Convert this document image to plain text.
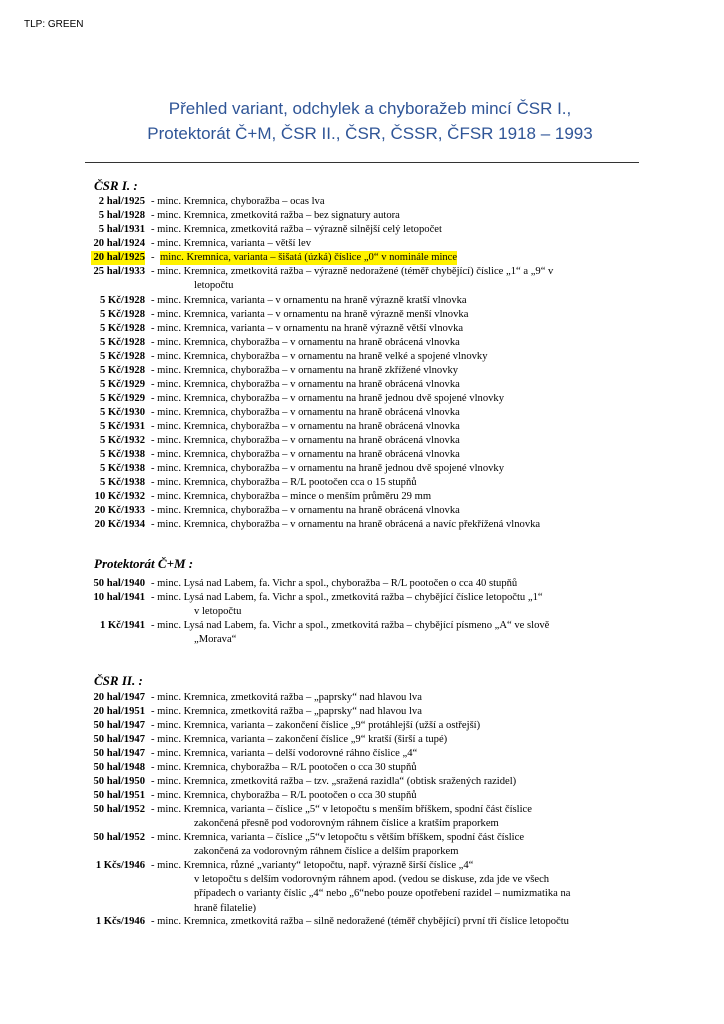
TLP: GREEN
Přehled variant, odchylek a chyboražeb mincí ČSR I.,
Protektorát Č+M, ČSR II., ČSR, ČSSR, ČFSR 1918 – 1993
ČSR I. :
Protektorát Č+M :
ČSR II. :
2 hal/1925 - minc. Kremnica, chyboražba – ocas lva
5 hal/1928 - minc. Kremnica, zmetkovitá ražba – bez signatury autora
5 hal/1931 - minc. Kremnica, zmetkovitá ražba – výrazně silnější celý letopočet
20 hal/1924 - minc. Kremnica, varianta – větší lev
20 hal/1925 - minc. Kremnica, varianta – šišatá (úzká) číslice „0“ v nominále mince
25 hal/1933 - minc. Kremnica, zmetkovitá ražba – výrazně nedoražené (téměř chybějící) číslice „1“ a „9“ v
letopočtu
5 Kč/1928 - minc. Kremnica, varianta – v ornamentu na hraně výrazně kratší vlnovka
5 Kč/1928 - minc. Kremnica, varianta – v ornamentu na hraně výrazně menší vlnovka
5 Kč/1928 - minc. Kremnica, varianta – v ornamentu na hraně výrazně větší vlnovka
5 Kč/1928 - minc. Kremnica, chyboražba – v ornamentu na hraně obrácená vlnovka
5 Kč/1928 - minc. Kremnica, chyboražba – v ornamentu na hraně velké a spojené vlnovky
5 Kč/1928 - minc. Kremnica, chyboražba – v ornamentu na hraně zkřížené vlnovky
5 Kč/1929 - minc. Kremnica, chyboražba – v ornamentu na hraně obrácená vlnovka
5 Kč/1929 - minc. Kremnica, chyboražba – v ornamentu na hraně jednou dvě spojené vlnovky
5 Kč/1930 - minc. Kremnica, chyboražba – v ornamentu na hraně obrácená vlnovka
5 Kč/1931 - minc. Kremnica, chyboražba – v ornamentu na hraně obrácená vlnovka
5 Kč/1932 - minc. Kremnica, chyboražba – v ornamentu na hraně obrácená vlnovka
5 Kč/1938 - minc. Kremnica, chyboražba – v ornamentu na hraně obrácená vlnovka
5 Kč/1938 - minc. Kremnica, chyboražba – v ornamentu na hraně jednou dvě spojené vlnovky
5 Kč/1938 - minc. Kremnica, chyboražba – R/L pootočen cca o 15 stupňů
10 Kč/1932 - minc. Kremnica, chyboražba – mince o menším průměru 29 mm
20 Kč/1933 - minc. Kremnica, chyboražba – v ornamentu na hraně obrácená vlnovka
20 Kč/1934 - minc. Kremnica, chyboražba – v ornamentu na hraně obrácená a navíc překřížená vlnovka
50 hal/1940 - minc. Lysá nad Labem, fa. Vichr a spol., chyboražba – R/L pootočen o cca 40 stupňů
10 hal/1941 - minc. Lysá nad Labem, fa. Vichr a spol., zmetkovitá ražba – chybějící číslice letopočtu „1“
v letopočtu
1 Kč/1941 - minc. Lysá nad Labem, fa. Vichr a spol., zmetkovitá ražba – chybějící písmeno „A“ ve slově
„Morava“
20 hal/1947 - minc. Kremnica, zmetkovitá ražba – „paprsky“ nad hlavou lva
20 hal/1951 - minc. Kremnica, zmetkovitá ražba – „paprsky“ nad hlavou lva
50 hal/1947 - minc. Kremnica, varianta – zakončení číslice „9“ protáhlejší (užší a ostřejší)
50 hal/1947 - minc. Kremnica, varianta – zakončení číslice „9“ kratší (širší a tupé)
50 hal/1947 - minc. Kremnica, varianta – delší vodorovné ráhno číslice „4“
50 hal/1948 - minc. Kremnica, chyboražba – R/L pootočen o cca 30 stupňů
50 hal/1950 - minc. Kremnica, zmetkovitá ražba – tzv. „sražená razidla“ (obtisk sražených razidel)
50 hal/1951 - minc. Kremnica, chyboražba – R/L pootočen o cca 30 stupňů
50 hal/1952 - minc. Kremnica, varianta – číslice „5“ v letopočtu s menším bříškem, spodní část číslice
zakončená přesně pod vodorovným ráhnem číslice a kratším praporkem
50 hal/1952 - minc. Kremnica, varianta – číslice „5“v letopočtu s větším bříškem, spodní část číslice
zakončená za vodorovným ráhnem číslice a delším praporkem
1 Kčs/1946 - minc. Kremnica, různé „varianty“ letopočtu, např. výrazně širší číslice „4“
v letopočtu s delším vodorovným ráhnem apod. (vedou se diskuse, zda jde ve všech
případech o varianty číslic „4“ nebo „6“nebo pouze opotřebení razidel – numizmatika na
hraně filatelie)
1 Kčs/1946 - minc. Kremnica, zmetkovitá ražba – silně nedoražené (téměř chybějící) první tři číslice letopočtu
